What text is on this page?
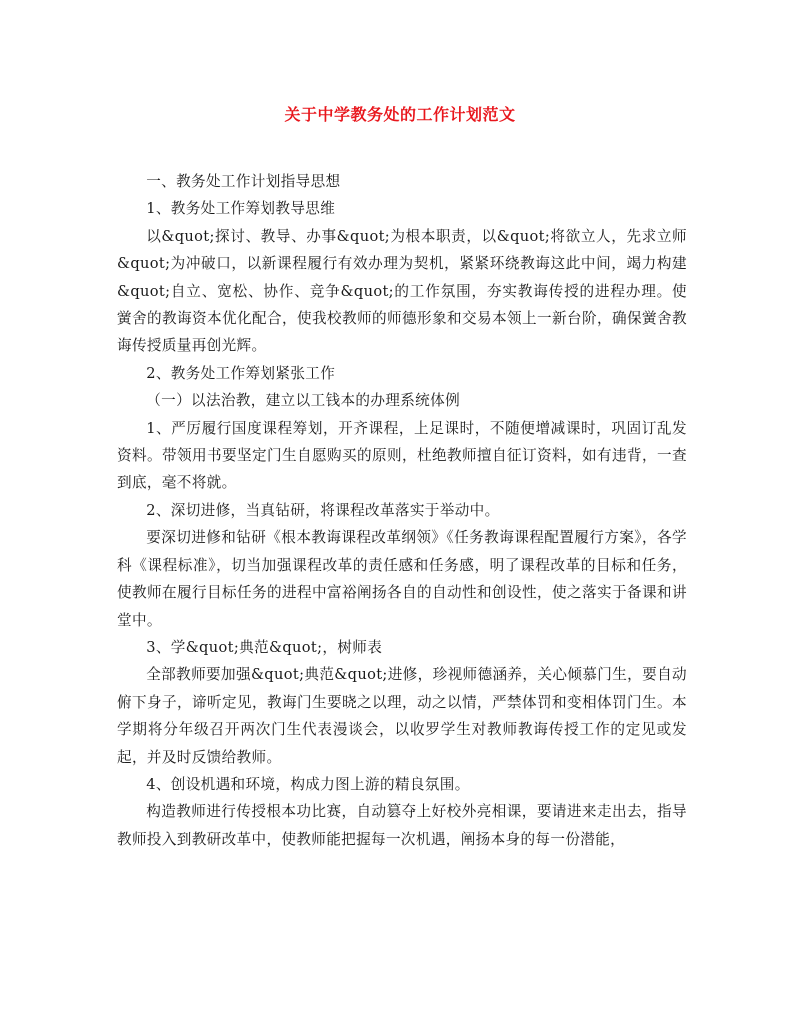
关于中学教务处的工作计划范文

一、教务处工作计划指导思想

1、教务处工作筹划教导思维

以&quot;探讨、教导、办事&quot;为根本职责，以&quot;将欲立人，先求立师&quot;为冲破口，以新课程履行有效办理为契机，紧紧环绕教诲这此中间，竭力构建&quot;自立、宽松、协作、竞争&quot;的工作氛围，夯实教诲传授的进程办理。使黉舍的教诲资本优化配合，使我校教师的师德形象和交易本领上一新台阶，确保黉舍教诲传授质量再创光辉。

2、教务处工作筹划紧张工作

（一）以法治教，建立以工钱本的办理系统体例

1、严厉履行国度课程筹划，开齐课程，上足课时，不随便增减课时，巩固订乱发资料。带领用书要坚定门生自愿购买的原则，杜绝教师擅自征订资料，如有违背，一查到底，毫不将就。

2、深切进修，当真钻研，将课程改革落实于举动中。

要深切进修和钻研《根本教诲课程改革纲领》《任务教诲课程配置履行方案》，各学科《课程标准》，切当加强课程改革的责任感和任务感，明了课程改革的目标和任务，使教师在履行目标任务的进程中富裕阐扬各自的自动性和创设性，使之落实于备课和讲堂中。

3、学&quot;典范&quot;，树师表

全部教师要加强&quot;典范&quot;进修，珍视师德涵养，关心倾慕门生，要自动俯下身子，谛听定见，教诲门生要晓之以理，动之以情，严禁体罚和变相体罚门生。本学期将分年级召开两次门生代表漫谈会，以收罗学生对教师教诲传授工作的定见或发起，并及时反馈给教师。

4、创设机遇和环境，构成力图上游的精良氛围。

构造教师进行传授根本功比赛，自动篡夺上好校外亮相课，要请进来走出去，指导教师投入到教研改革中，使教师能把握每一次机遇，阐扬本身的每一份潜能，
